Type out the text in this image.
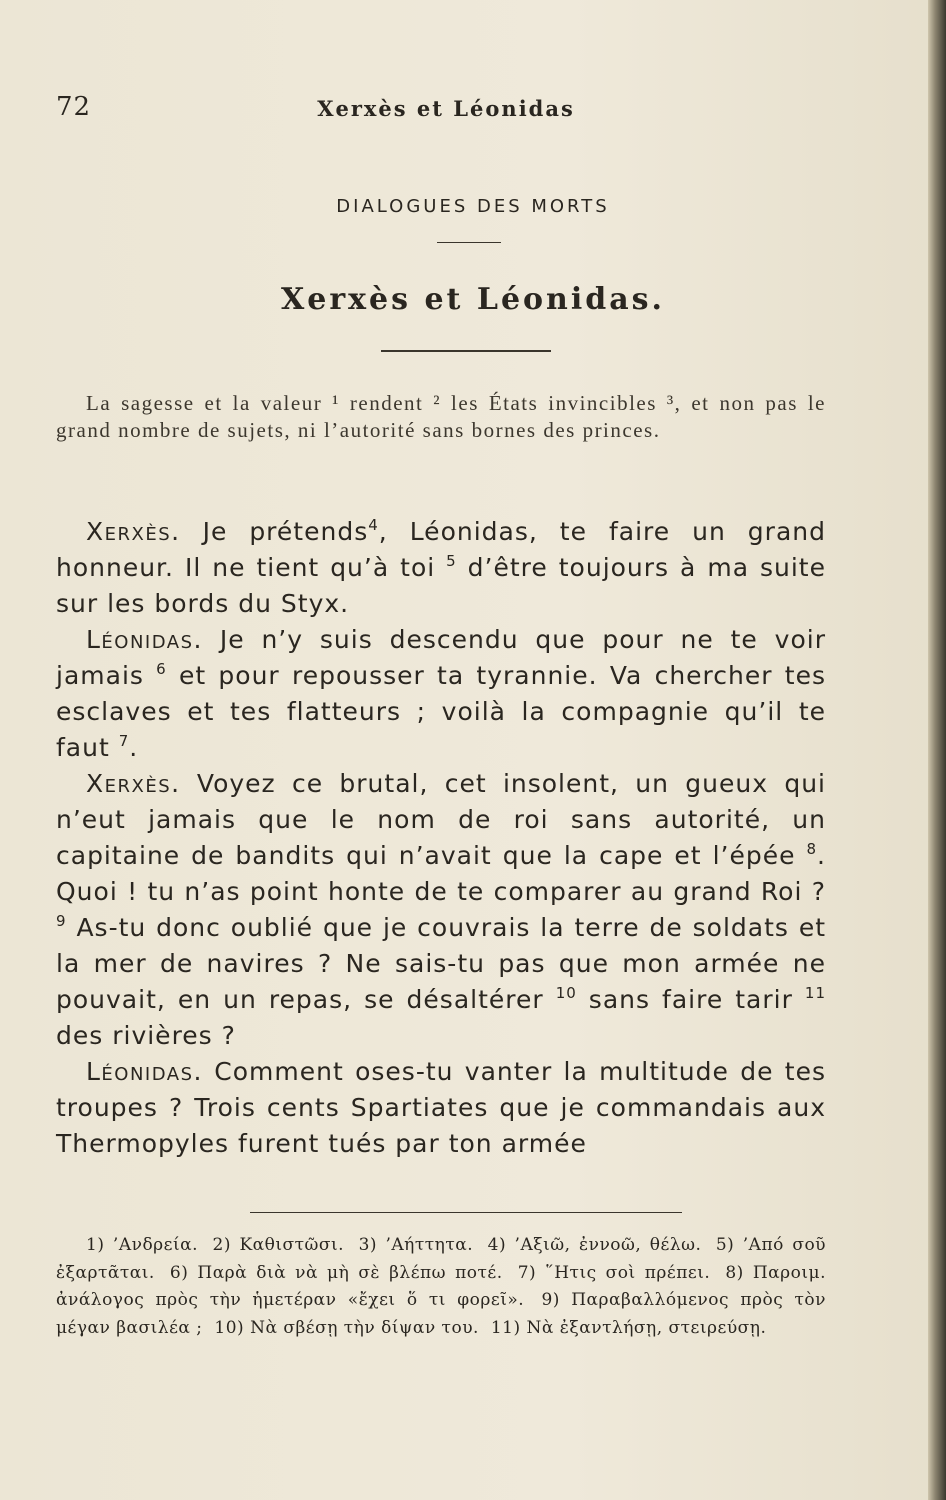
72	Xerxès et Léonidas
DIALOGUES DES MORTS
Xerxès et Léonidas.
La sagesse et la valeur ¹ rendent ² les États invincibles ³, et non pas le grand nombre de sujets, ni l’autorité sans bornes des princes.

Xerxès. Je prétends$^4$, Léonidas, te faire un grand honneur. Il ne tient qu’à toi $^5$ d’être toujours à ma suite sur les bords du Styx.

Léonidas. Je n’y suis descendu que pour ne te voir jamais $^6$ et pour repousser ta tyrannie. Va chercher tes esclaves et tes flatteurs ; voilà la compagnie qu’il te faut $^7$.

Xerxès. Voyez ce brutal, cet insolent, un gueux qui n’eut jamais que le nom de roi sans autorité, un capitaine de bandits qui n’avait que la cape et l’épée $^8$. Quoi ! tu n’as point honte de te comparer au grand Roi ? $^9$ As-tu donc oublié que je couvrais la terre de soldats et la mer de navires ? Ne sais-tu pas que mon armée ne pouvait, en un repas, se désaltérer $^{10}$ sans faire tarir $^{11}$ des rivières ?

Léonidas. Comment oses-tu vanter la multitude de tes troupes ? Trois cents Spartiates que je commandais aux Thermopyles furent tués par ton armée

1) ’Ανδρεία. 2) Καθιστῶσι. 3) ’Αήττητα. 4) ’Αξιῶ, ἐννοῶ, θέλω. 5) ’Από σοῦ ἐξαρτᾶται. 6) Παρὰ διὰ νὰ μὴ σὲ βλέπω ποτέ. 7) ῞Ητις σοὶ πρέπει. 8) Παροιμ. ἀνάλογος πρὸς τὴν ἡμετέραν «ἔχει ὅ τι φορεῖ». 9) Παραβαλλόμενος πρὸς τὸν μέγαν βασιλέα ; 10) Νὰ σβέσῃ τὴν δίψαν του. 11) Νὰ ἐξαντλήσῃ, στειρεύσῃ.
